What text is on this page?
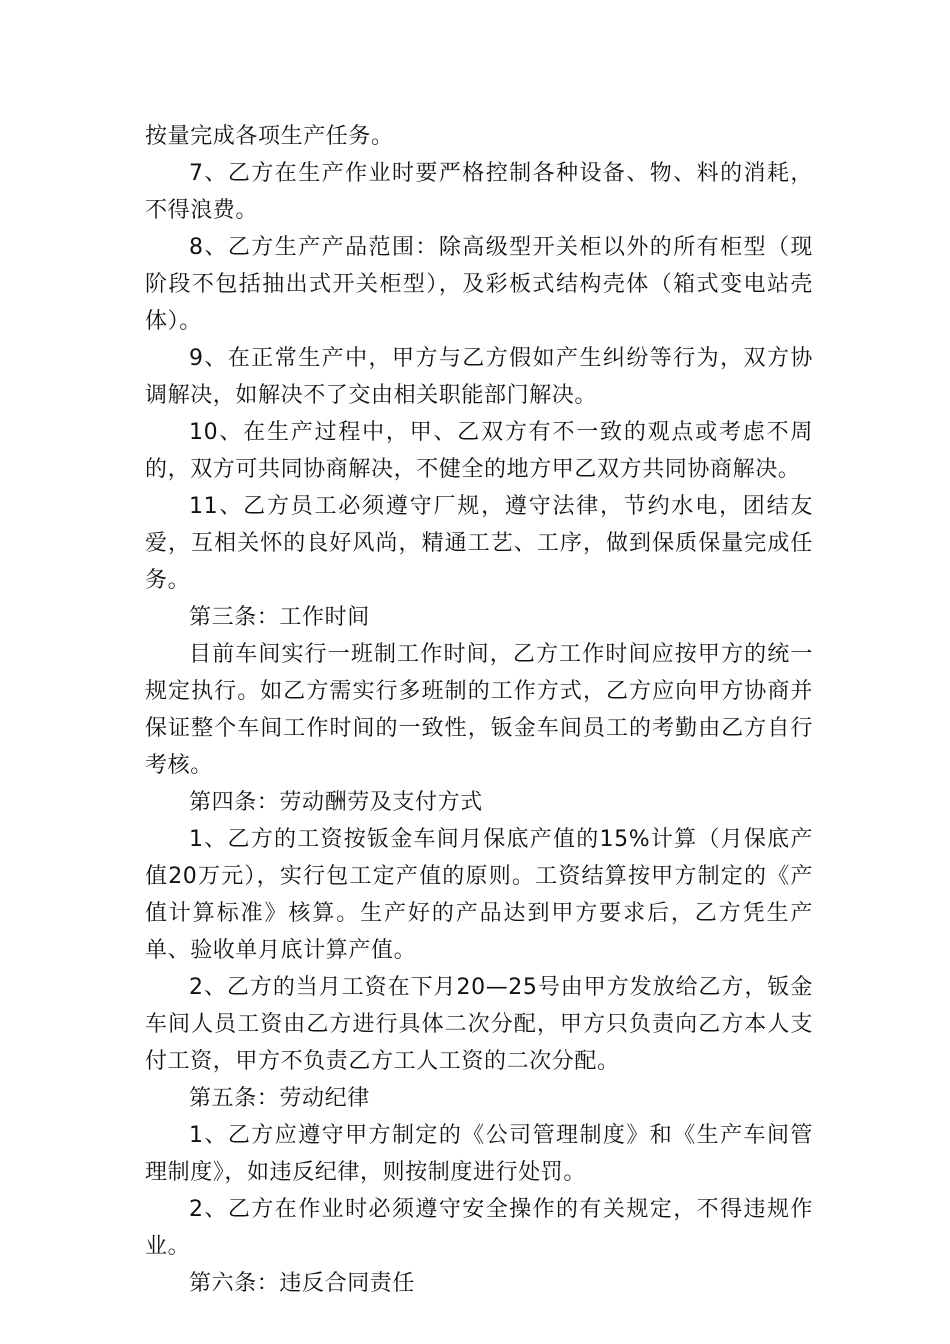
按量完成各项生产任务。

7、乙方在生产作业时要严格控制各种设备、物、料的消耗，不得浪费。

8、乙方生产产品范围：除高级型开关柜以外的所有柜型（现阶段不包括抽出式开关柜型），及彩板式结构壳体（箱式变电站壳体）。

9、在正常生产中，甲方与乙方假如产生纠纷等行为，双方协调解决，如解决不了交由相关职能部门解决。

10、在生产过程中，甲、乙双方有不一致的观点或考虑不周的，双方可共同协商解决，不健全的地方甲乙双方共同协商解决。

11、乙方员工必须遵守厂规，遵守法律，节约水电，团结友爱，互相关怀的良好风尚，精通工艺、工序，做到保质保量完成任务。

第三条：工作时间

目前车间实行一班制工作时间，乙方工作时间应按甲方的统一规定执行。如乙方需实行多班制的工作方式，乙方应向甲方协商并保证整个车间工作时间的一致性，钣金车间员工的考勤由乙方自行考核。

第四条：劳动酬劳及支付方式

1、乙方的工资按钣金车间月保底产值的15%计算（月保底产值20万元），实行包工定产值的原则。工资结算按甲方制定的《产值计算标准》核算。生产好的产品达到甲方要求后，乙方凭生产单、验收单月底计算产值。

2、乙方的当月工资在下月20—25号由甲方发放给乙方，钣金车间人员工资由乙方进行具体二次分配，甲方只负责向乙方本人支付工资，甲方不负责乙方工人工资的二次分配。

第五条：劳动纪律

1、乙方应遵守甲方制定的《公司管理制度》和《生产车间管理制度》，如违反纪律，则按制度进行处罚。

2、乙方在作业时必须遵守安全操作的有关规定，不得违规作业。

第六条：违反合同责任
